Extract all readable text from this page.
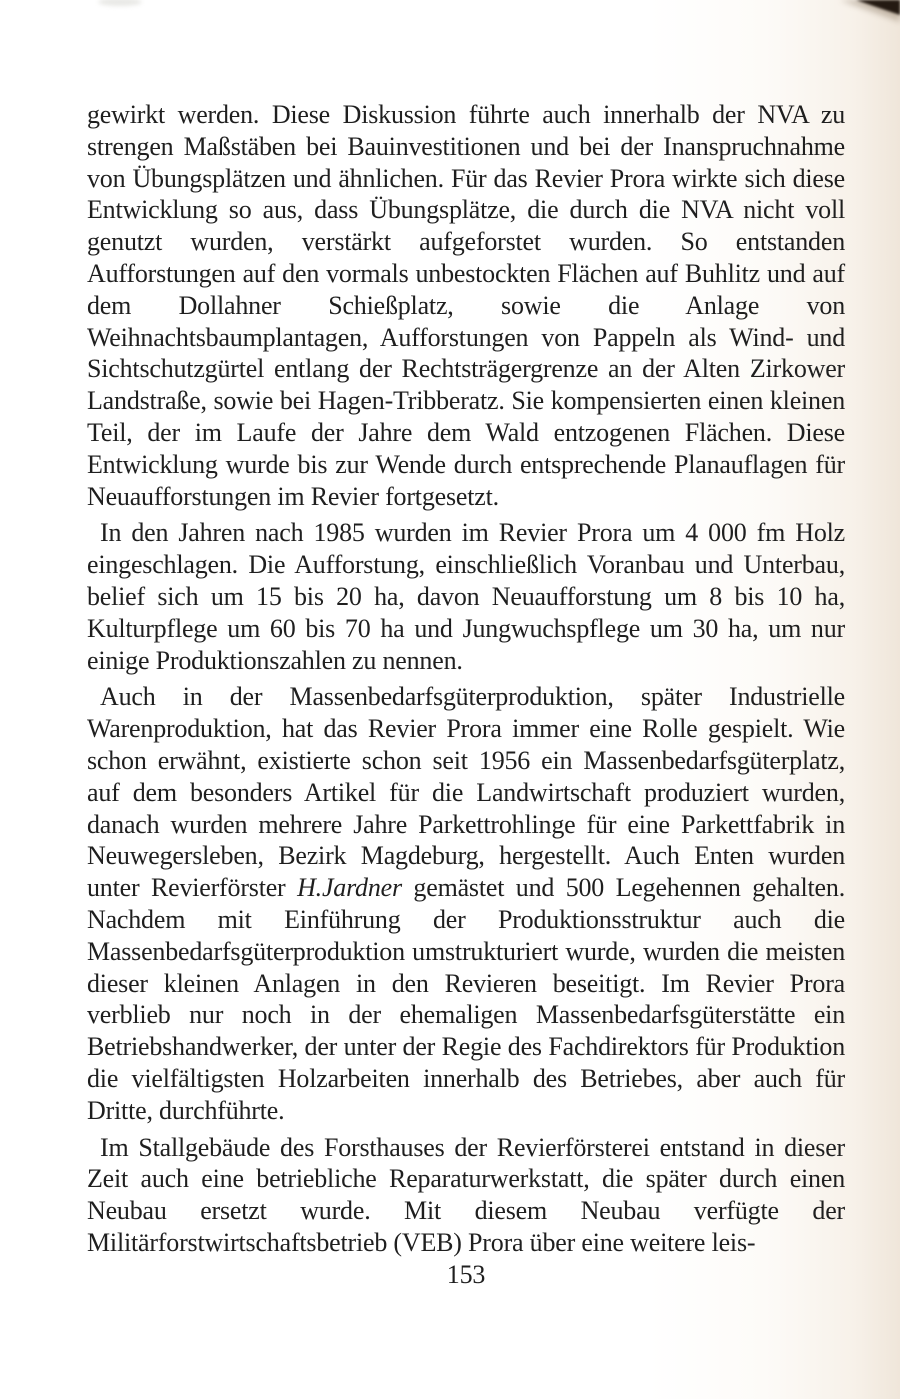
gewirkt werden. Diese Diskussion führte auch innerhalb der NVA zu strengen Maßstäben bei Bauinvestitionen und bei der Inanspruchnahme von Übungsplätzen und ähnlichen. Für das Revier Prora wirkte sich diese Entwicklung so aus, dass Übungsplätze, die durch die NVA nicht voll genutzt wurden, verstärkt aufgeforstet wurden. So entstanden Aufforstungen auf den vormals unbestockten Flächen auf Buhlitz und auf dem Dollahner Schießplatz, sowie die Anlage von Weihnachtsbaumplantagen, Aufforstungen von Pappeln als Wind- und Sichtschutzgürtel entlang der Rechtsträgergrenze an der Alten Zirkower Landstraße, sowie bei Hagen-Tribberatz. Sie kompensierten einen kleinen Teil, der im Laufe der Jahre dem Wald entzogenen Flächen. Diese Entwicklung wurde bis zur Wende durch entsprechende Planauflagen für Neuaufforstungen im Revier fortgesetzt.

In den Jahren nach 1985 wurden im Revier Prora um 4 000 fm Holz eingeschlagen. Die Aufforstung, einschließlich Voranbau und Unterbau, belief sich um 15 bis 20 ha, davon Neuaufforstung um 8 bis 10 ha, Kulturpflege um 60 bis 70 ha und Jungwuchspflege um 30 ha, um nur einige Produktionszahlen zu nennen.

Auch in der Massenbedarfsgüterproduktion, später Industrielle Warenproduktion, hat das Revier Prora immer eine Rolle gespielt. Wie schon erwähnt, existierte schon seit 1956 ein Massenbedarfsgüterplatz, auf dem besonders Artikel für die Landwirtschaft produziert wurden, danach wurden mehrere Jahre Parkettrohlinge für eine Parkettfabrik in Neuwegersleben, Bezirk Magdeburg, hergestellt. Auch Enten wurden unter Revierförster H.Jardner gemästet und 500 Legehennen gehalten. Nachdem mit Einführung der Produktionsstruktur auch die Massenbedarfsgüterproduktion umstrukturiert wurde, wurden die meisten dieser kleinen Anlagen in den Revieren beseitigt. Im Revier Prora verblieb nur noch in der ehemaligen Massenbedarfsgüterstätte ein Betriebshandwerker, der unter der Regie des Fachdirektors für Produktion die vielfältigsten Holzarbeiten innerhalb des Betriebes, aber auch für Dritte, durchführte.

Im Stallgebäude des Forsthauses der Revierförsterei entstand in dieser Zeit auch eine betriebliche Reparaturwerkstatt, die später durch einen Neubau ersetzt wurde. Mit diesem Neubau verfügte der Militärforstwirtschaftsbetrieb (VEB) Prora über eine weitere leis-

153
